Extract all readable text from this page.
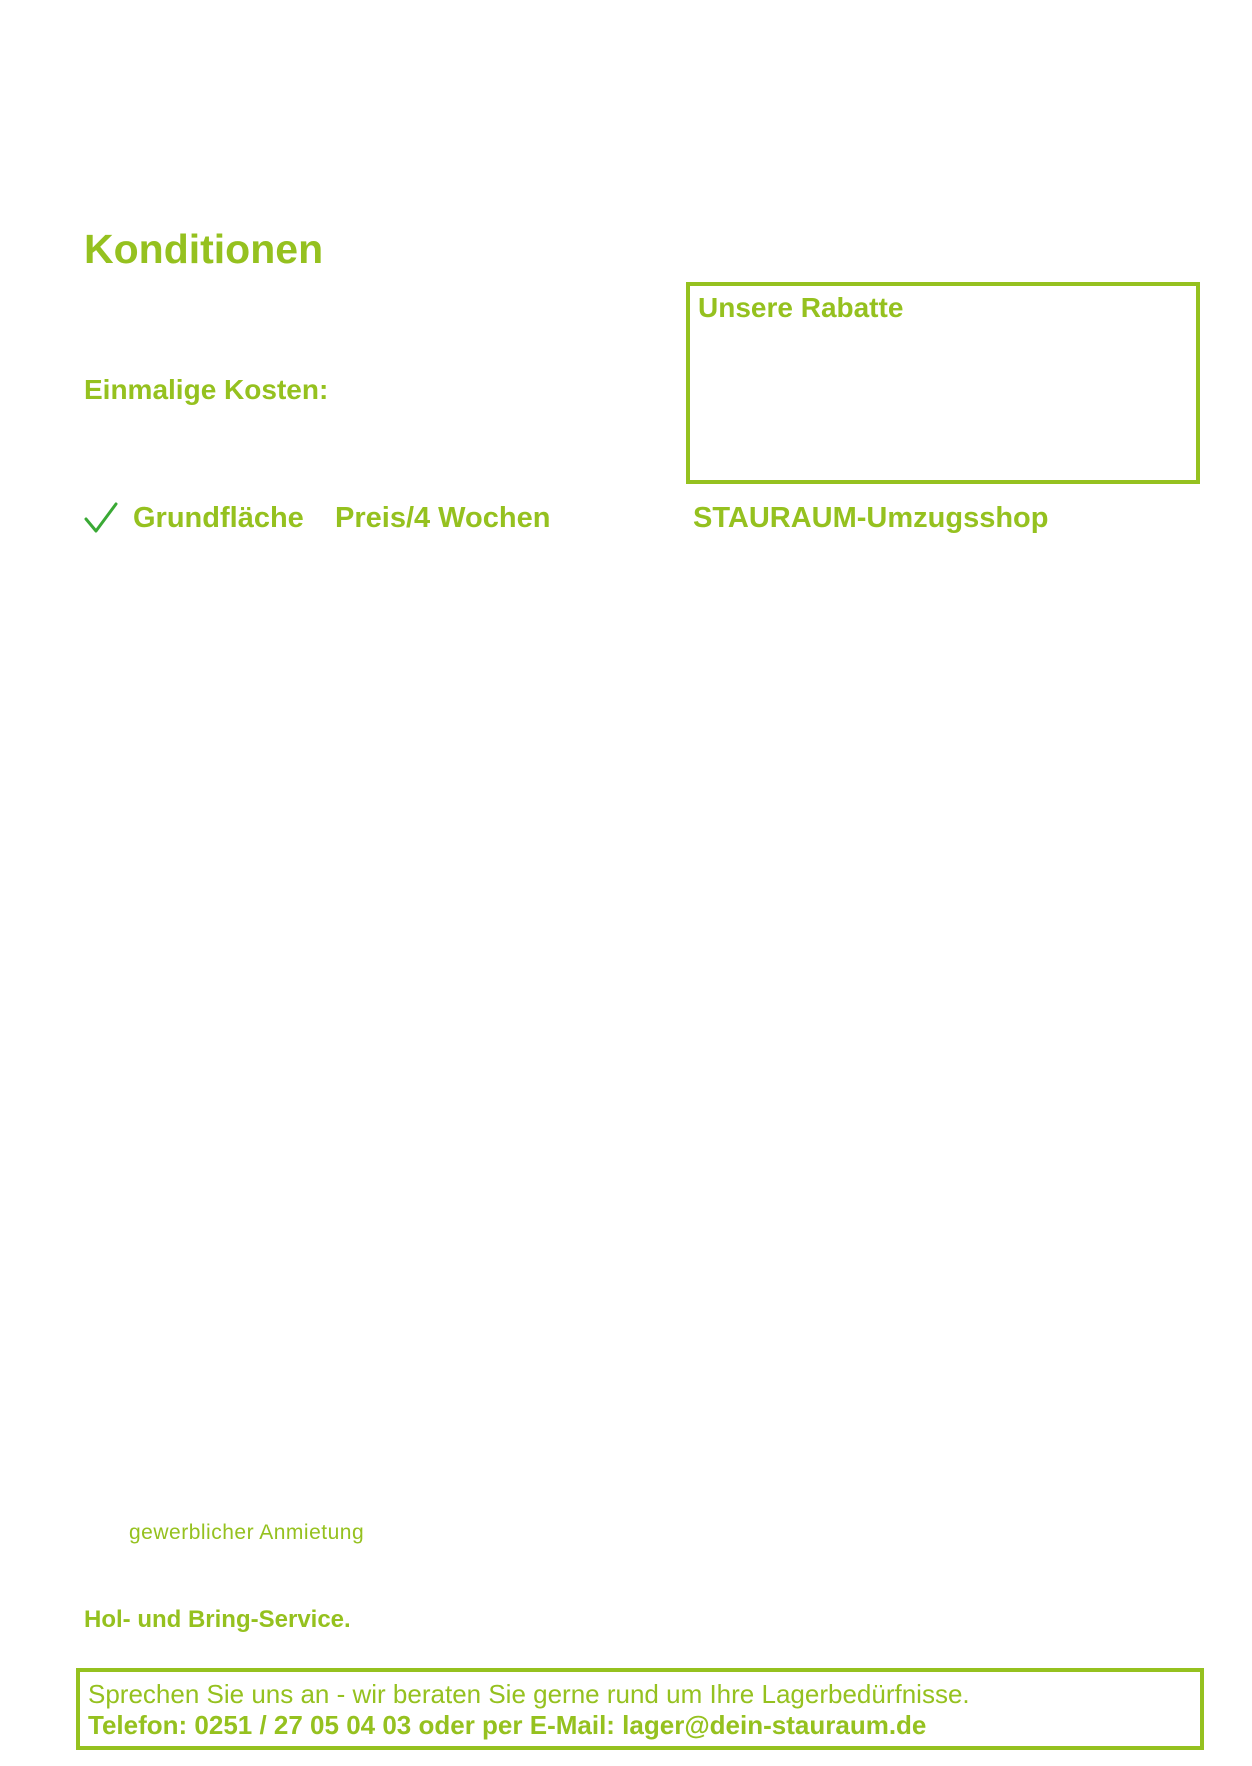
Konditionen
Einmalige Kosten:
Unsere Rabatte
Grundfläche Preis/4 Wochen	STAURAUM-Umzugsshop
gewerblicher Anmietung
Hol- und Bring-Service.
Sprechen Sie uns an - wir beraten Sie gerne rund um Ihre Lagerbedürfnisse.
Telefon: 0251 / 27 05 04 03 oder per E-Mail: lager@dein-stauraum.de
